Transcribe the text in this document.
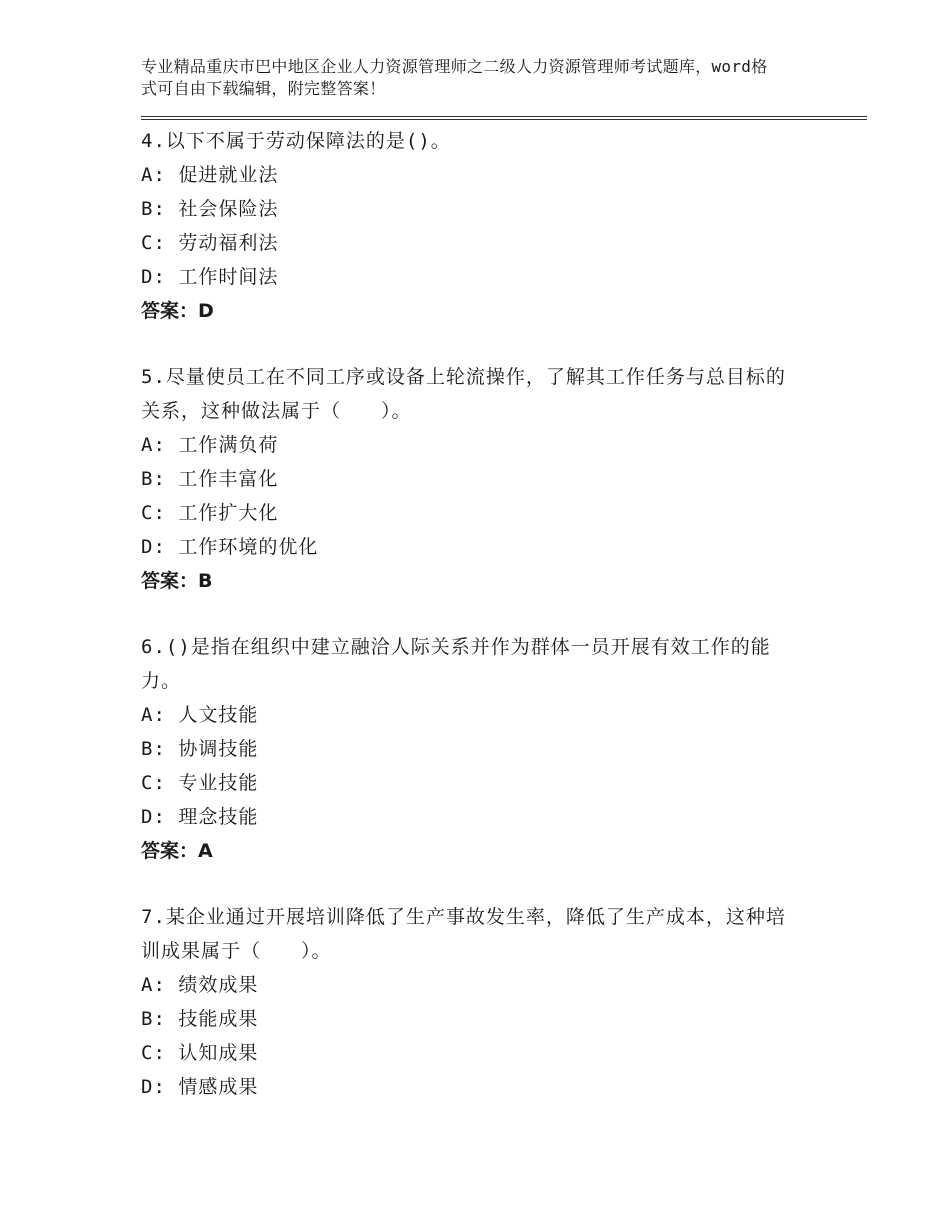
专业精品重庆市巴中地区企业人力资源管理师之二级人力资源管理师考试题库，word格式可自由下载编辑，附完整答案！
4.以下不属于劳动保障法的是()。
A: 促进就业法
B: 社会保险法
C: 劳动福利法
D: 工作时间法
答案：D
5.尽量使员工在不同工序或设备上轮流操作，了解其工作任务与总目标的关系，这种做法属于（　　）。
A: 工作满负荷
B: 工作丰富化
C: 工作扩大化
D: 工作环境的优化
答案：B
6.()是指在组织中建立融洽人际关系并作为群体一员开展有效工作的能力。
A: 人文技能
B: 协调技能
C: 专业技能
D: 理念技能
答案：A
7.某企业通过开展培训降低了生产事故发生率，降低了生产成本，这种培训成果属于（　　）。
A: 绩效成果
B: 技能成果
C: 认知成果
D: 情感成果
